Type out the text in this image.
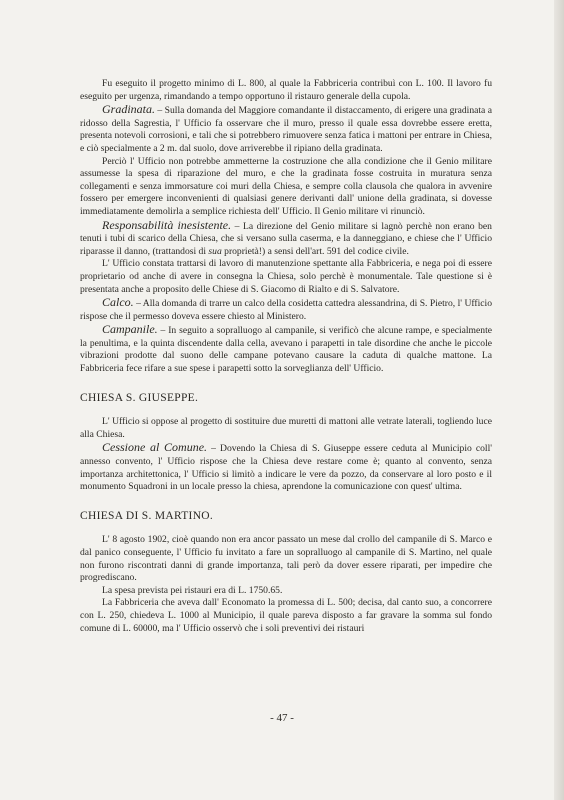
Fu eseguito il progetto minimo di L. 800, al quale la Fabbriceria contribuì con L. 100. Il lavoro fu eseguito per urgenza, rimandando a tempo opportuno il ristauro generale della cupola.

Gradinata. – Sulla domanda del Maggiore comandante il distaccamento, di erigere una gradinata a ridosso della Sagrestia, l' Ufficio fa osservare che il muro, presso il quale essa dovrebbe essere eretta, presenta notevoli corrosioni, e tali che si potrebbero rimuovere senza fatica i mattoni per entrare in Chiesa, e ciò specialmente a 2 m. dal suolo, dove arriverebbe il ripiano della gradinata.

Perciò l' Ufficio non potrebbe ammetterne la costruzione che alla condizione che il Genio militare assumesse la spesa di riparazione del muro, e che la gradinata fosse costruita in muratura senza collegamenti e senza immorsature coi muri della Chiesa, e sempre colla clausola che qualora in avvenire fossero per emergere inconvenienti di qualsiasi genere derivanti dall' unione della gradinata, si dovesse immediatamente demolirla a semplice richiesta dell' Ufficio. Il Genio militare vi rinunciò.

Responsabilità inesistente. – La direzione del Genio militare si lagnò perchè non erano ben tenuti i tubi di scarico della Chiesa, che si versano sulla caserma, e la danneggiano, e chiese che l' Ufficio riparasse il danno, (trattandosi di sua proprietà!) a sensi dell'art. 591 del codice civile.

L' Ufficio constata trattarsi di lavoro di manutenzione spettante alla Fabbriceria, e nega poi di essere proprietario od anche di avere in consegna la Chiesa, solo perchè è monumentale. Tale questione si è presentata anche a proposito delle Chiese di S. Giacomo di Rialto e di S. Salvatore.

Calco. – Alla domanda di trarre un calco della cosidetta cattedra alessandrina, di S. Pietro, l' Ufficio rispose che il permesso doveva essere chiesto al Ministero.

Campanile. – In seguito a sopralluogo al campanile, si verificò che alcune rampe, e specialmente la penultima, e la quinta discendente dalla cella, avevano i parapetti in tale disordine che anche le piccole vibrazioni prodotte dal suono delle campane potevano causare la caduta di qualche mattone. La Fabbriceria fece rifare a sue spese i parapetti sotto la sorveglianza dell' Ufficio.

CHIESA S. GIUSEPPE.

L' Ufficio si oppose al progetto di sostituire due muretti di mattoni alle vetrate laterali, togliendo luce alla Chiesa.

Cessione al Comune. – Dovendo la Chiesa di S. Giuseppe essere ceduta al Municipio coll' annesso convento, l' Ufficio rispose che la Chiesa deve restare come è; quanto al convento, senza importanza architettonica, l' Ufficio si limitò a indicare le vere da pozzo, da conservare al loro posto e il monumento Squadroni in un locale presso la chiesa, aprendone la comunicazione con quest' ultima.

CHIESA DI S. MARTINO.

L' 8 agosto 1902, cioè quando non era ancor passato un mese dal crollo del campanile di S. Marco e dal panico conseguente, l' Ufficio fu invitato a fare un sopralluogo al campanile di S. Martino, nel quale non furono riscontrati danni di grande importanza, tali però da dover essere riparati, per impedire che progrediscano.

La spesa prevista pei ristauri era di L. 1750.65.

La Fabbriceria che aveva dall' Economato la promessa di L. 500; decisa, dal canto suo, a concorrere con L. 250, chiedeva L. 1000 al Municipio, il quale pareva disposto a far gravare la somma sul fondo comune di L. 60000, ma l' Ufficio osservò che i soli preventivi dei ristauri

- 47 -
